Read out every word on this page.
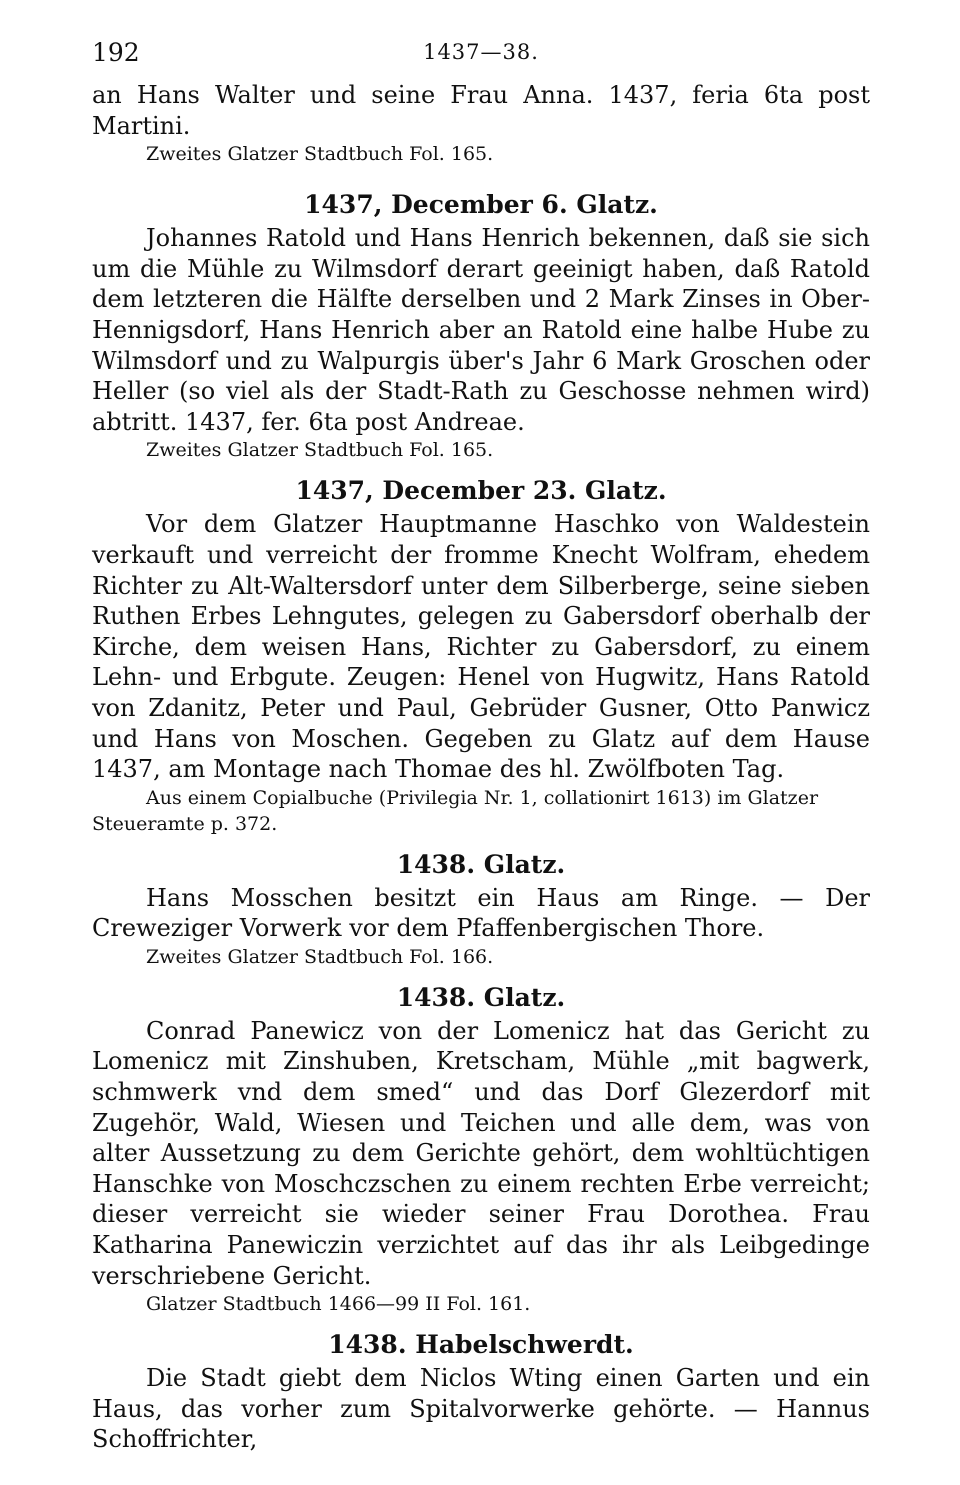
192	1437—38.

an Hans Walter und seine Frau Anna. 1437, feria 6ta post Martini.

Zweites Glatzer Stadtbuch Fol. 165.

1437, December 6. Glatz.

Johannes Ratold und Hans Henrich bekennen, daß sie sich um die Mühle zu Wilmsdorf derart geeinigt haben, daß Ratold dem letzteren die Hälfte derselben und 2 Mark Zinses in Ober-Hennigsdorf, Hans Henrich aber an Ratold eine halbe Hube zu Wilmsdorf und zu Walpurgis über's Jahr 6 Mark Groschen oder Heller (so viel als der Stadt-Rath zu Geschosse nehmen wird) abtritt. 1437, fer. 6ta post Andreae.

Zweites Glatzer Stadtbuch Fol. 165.

1437, December 23. Glatz.

Vor dem Glatzer Hauptmanne Haschko von Waldestein verkauft und verreicht der fromme Knecht Wolfram, ehedem Richter zu Alt-Waltersdorf unter dem Silberberge, seine sieben Ruthen Erbes Lehngutes, gelegen zu Gabersdorf oberhalb der Kirche, dem weisen Hans, Richter zu Gabersdorf, zu einem Lehn- und Erbgute. Zeugen: Henel von Hugwitz, Hans Ratold von Zdanitz, Peter und Paul, Gebrüder Gusner, Otto Panwicz und Hans von Moschen. Gegeben zu Glatz auf dem Hause 1437, am Montage nach Thomae des hl. Zwölfboten Tag.

Aus einem Copialbuche (Privilegia Nr. 1, collationirt 1613) im Glatzer Steueramte p. 372.

1438. Glatz.

Hans Mosschen besitzt ein Haus am Ringe. — Der Creweziger Vorwerk vor dem Pfaffenbergischen Thore.

Zweites Glatzer Stadtbuch Fol. 166.

1438. Glatz.

Conrad Panewicz von der Lomenicz hat das Gericht zu Lomenicz mit Zinshuben, Kretscham, Mühle „mit bagwerk, schmwerk vnd dem smed“ und das Dorf Glezerdorf mit Zugehör, Wald, Wiesen und Teichen und alle dem, was von alter Aussetzung zu dem Gerichte gehört, dem wohltüchtigen Hanschke von Moschczschen zu einem rechten Erbe verreicht; dieser verreicht sie wieder seiner Frau Dorothea. Frau Katharina Panewiczin verzichtet auf das ihr als Leibgedinge verschriebene Gericht.

Glatzer Stadtbuch 1466—99 II Fol. 161.

1438. Habelschwerdt.

Die Stadt giebt dem Niclos Wting einen Garten und ein Haus, das vorher zum Spitalvorwerke gehörte. — Hannus Schoffrichter,
